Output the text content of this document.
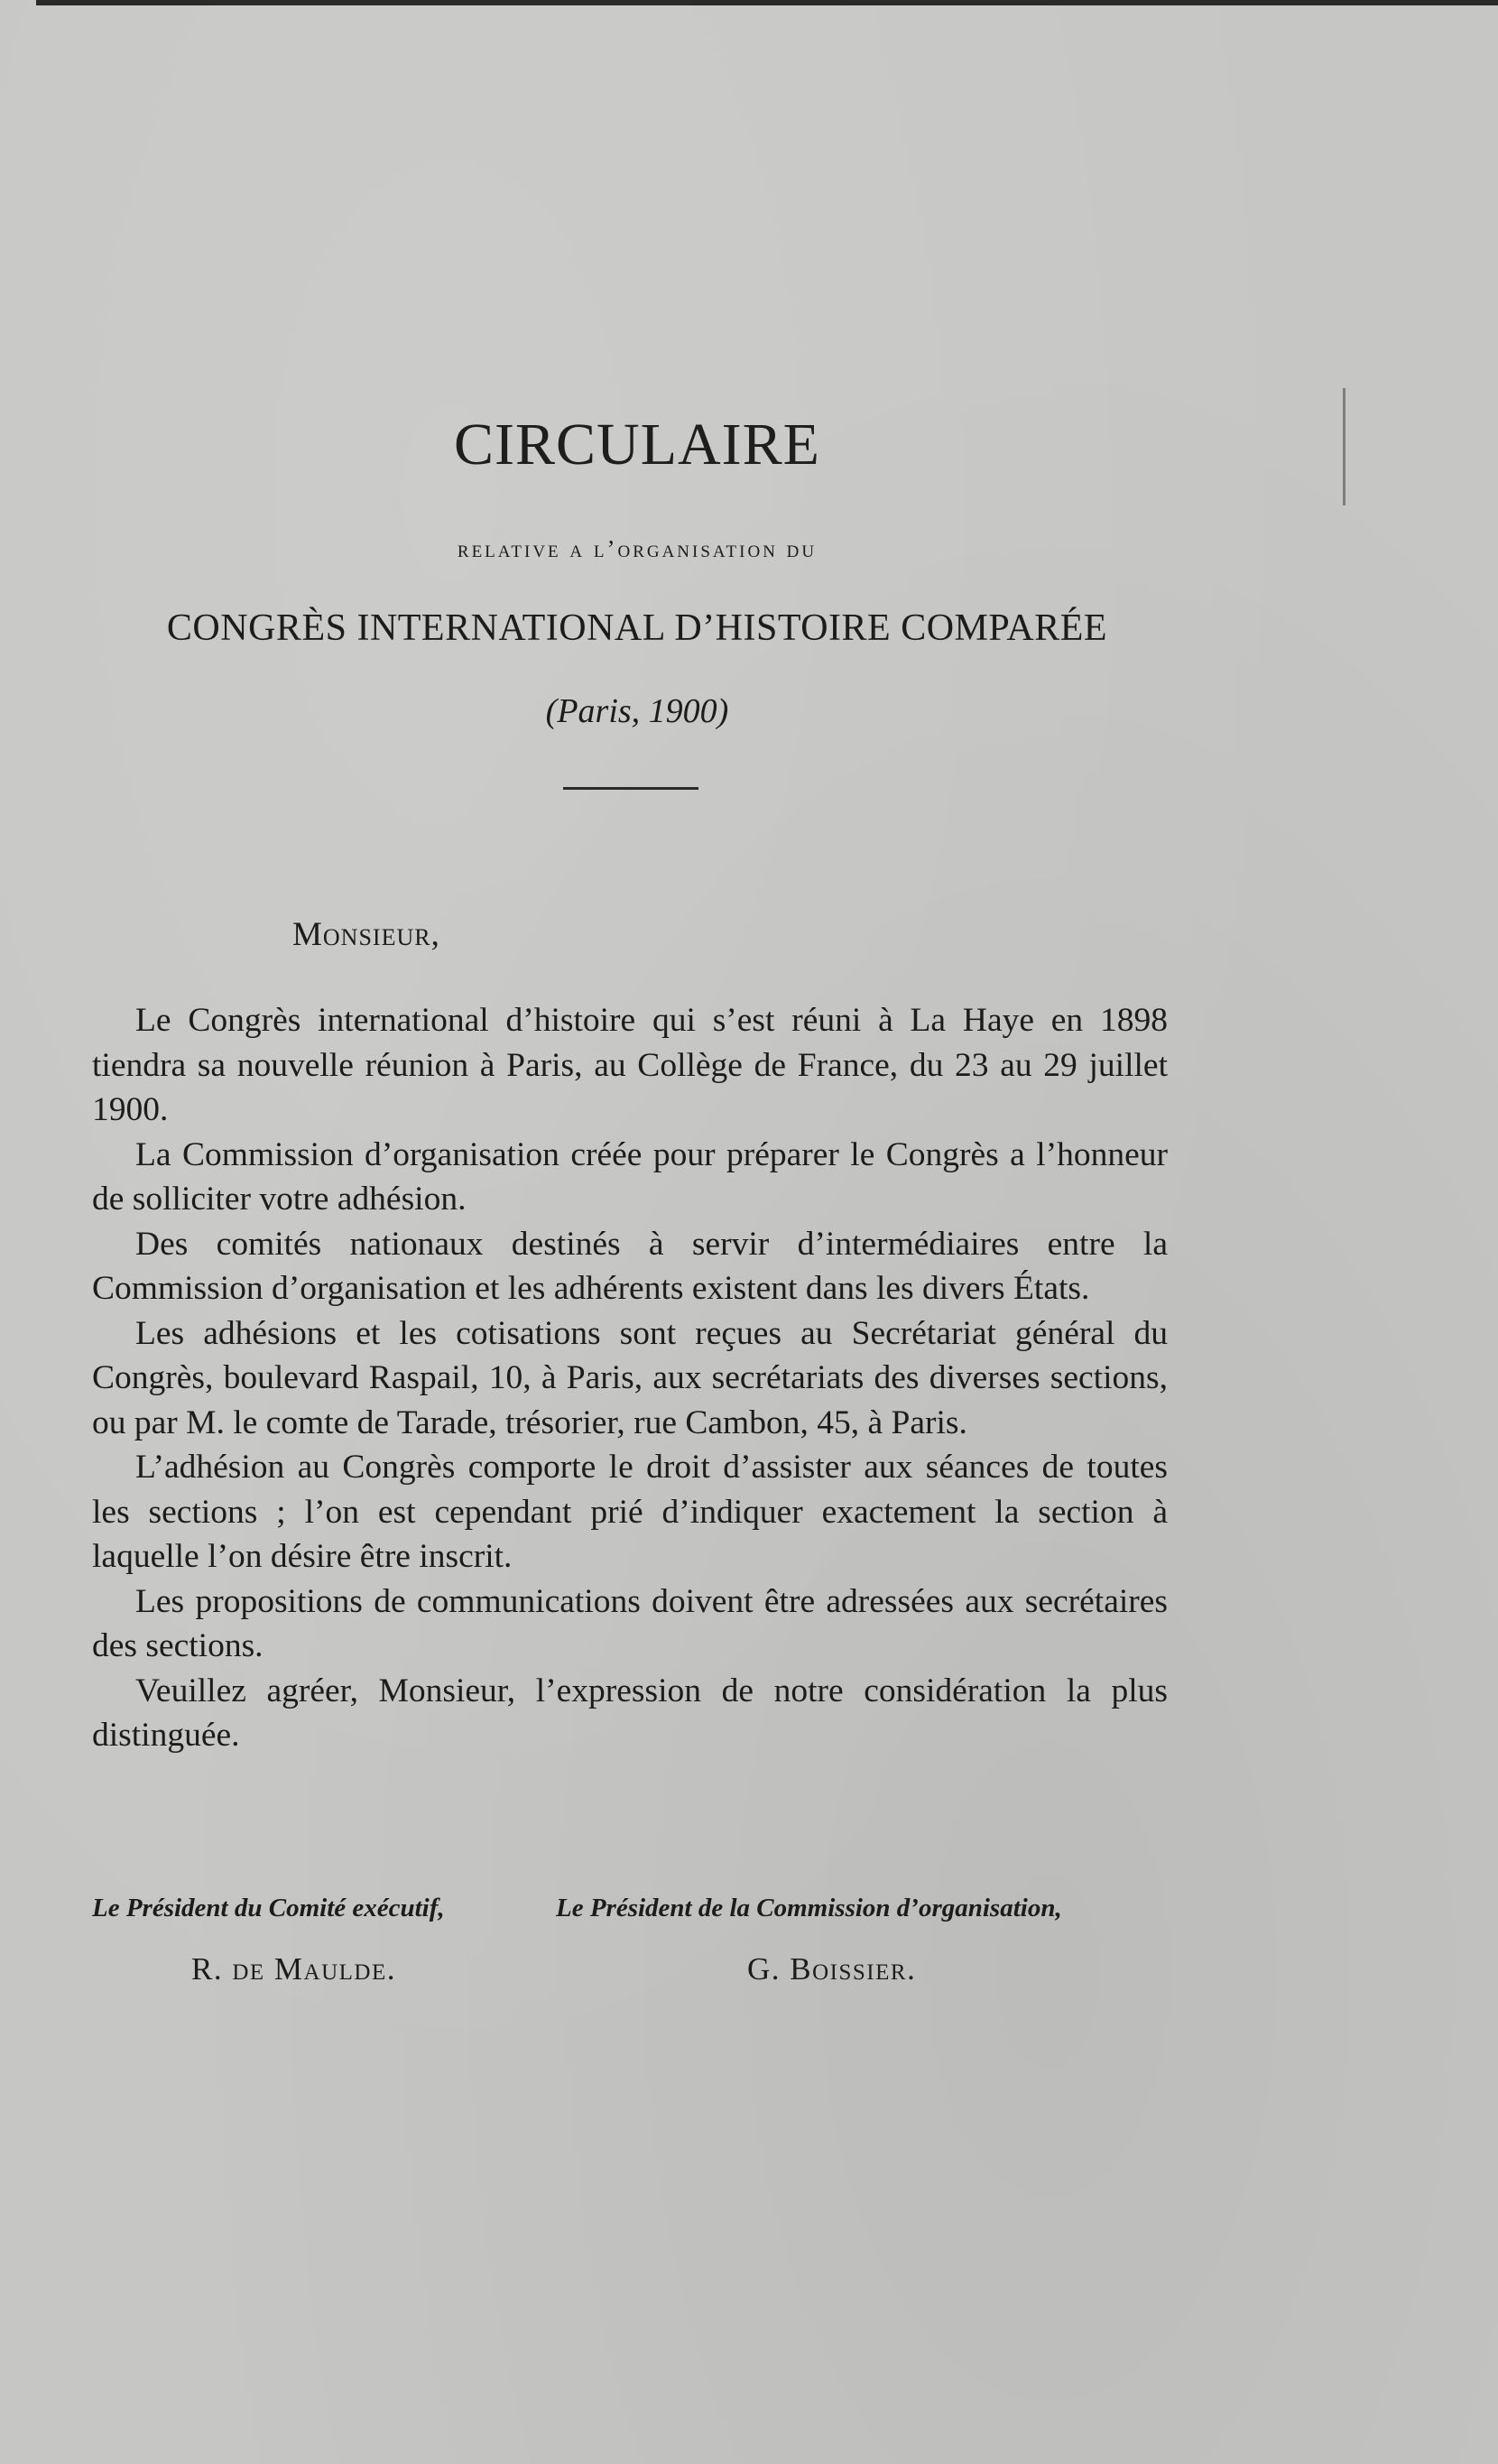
CIRCULAIRE
relative a l’organisation du
CONGRÈS INTERNATIONAL D’HISTOIRE COMPARÉE
(Paris, 1900)
Monsieur,

Le Congrès international d’histoire qui s’est réuni à La Haye en 1898 tiendra sa nouvelle réunion à Paris, au Collège de France, du 23 au 29 juillet 1900.

La Commission d’organisation créée pour préparer le Congrès a l’honneur de solliciter votre adhésion.

Des comités nationaux destinés à servir d’intermédiaires entre la Commission d’organisation et les adhérents existent dans les divers États.

Les adhésions et les cotisations sont reçues au Secrétariat général du Congrès, boulevard Raspail, 10, à Paris, aux secrétariats des diverses sections, ou par M. le comte de Tarade, trésorier, rue Cambon, 45, à Paris.

L’adhésion au Congrès comporte le droit d’assister aux séances de toutes les sections ; l’on est cependant prié d’indiquer exactement la section à laquelle l’on désire être inscrit.

Les propositions de communications doivent être adressées aux secrétaires des sections.

Veuillez agréer, Monsieur, l’expression de notre considération la plus distinguée.

Le Président du Comité exécutif,	Le Président de la Commission d’organisation,
R. de Maulde.	G. Boissier.
